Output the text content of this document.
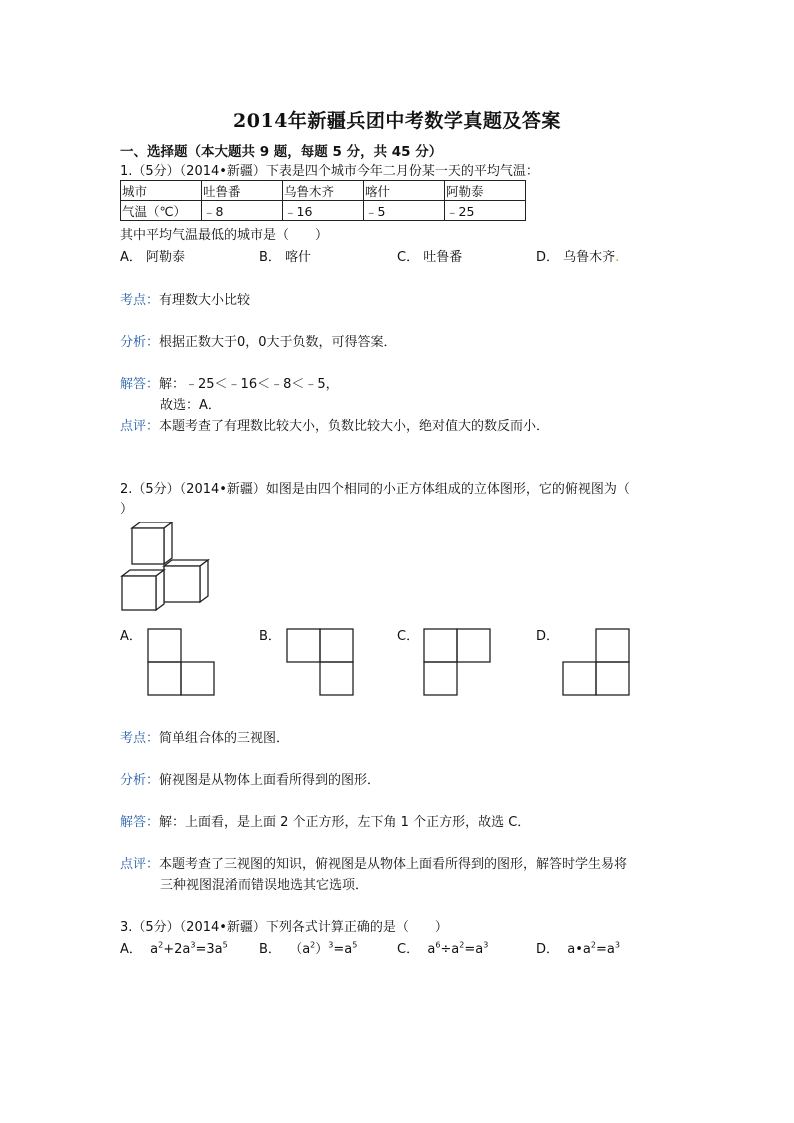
2014年新疆兵团中考数学真题及答案
一、选择题（本大题共 9 题，每题 5 分，共 45 分）
1.（5分）（2014•新疆）下表是四个城市今年二月份某一天的平均气温：
城市	吐鲁番	乌鲁木齐	喀什	阿勒泰
气温（℃）	﹣8	﹣16	﹣5	﹣25
其中平均气温最低的城市是（　　）
A． 阿勒泰	B． 喀什	C． 吐鲁番	D． 乌鲁木齐.
考点：有理数大小比较
分析：根据正数大于0，0大于负数，可得答案．
解答：解：﹣25＜﹣16＜﹣8＜﹣5，
故选：A．
点评：本题考查了有理数比较大小，负数比较大小，绝对值大的数反而小．
2.（5分）（2014•新疆）如图是由四个相同的小正方体组成的立体图形，它的俯视图为（
）
A．	B．	C．	D．
考点：简单组合体的三视图．
分析：俯视图是从物体上面看所得到的图形．
解答：解：上面看，是上面 2 个正方形，左下角 1 个正方形，故选 C．
点评：本题考查了三视图的知识，俯视图是从物体上面看所得到的图形，解答时学生易将
三种视图混淆而错误地选其它选项．
3.（5分）（2014•新疆）下列各式计算正确的是（　　）
A． $a^2+2a^3=3a^5$ B． $(a^2)^3=a^5$	C． $a^6\div a^2=a^3$	D． $a•a^2=a^3$
